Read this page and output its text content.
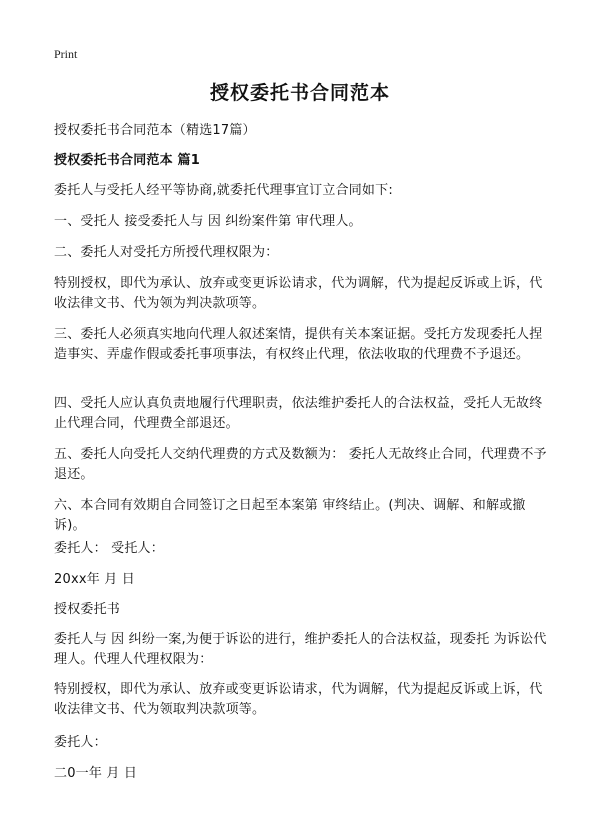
Print
授权委托书合同范本
授权委托书合同范本（精选17篇）
授权委托书合同范本 篇1
委托人与受托人经平等协商,就委托代理事宜订立合同如下:
一、受托人 接受委托人与 因 纠纷案件第 审代理人。
二、委托人对受托方所授代理权限为：
特别授权，即代为承认、放弃或变更诉讼请求，代为调解，代为提起反诉或上诉，代收法律文书、代为领为判决款项等。
三、委托人必须真实地向代理人叙述案情，提供有关本案证据。受托方发现委托人捏造事实、弄虚作假或委托事项事法，有权终止代理，依法收取的代理费不予退还。
四、受托人应认真负责地履行代理职责，依法维护委托人的合法权益，受托人无故终止代理合同，代理费全部退还。
五、委托人向受托人交纳代理费的方式及数额为： 委托人无故终止合同，代理费不予退还。
六、本合同有效期自合同签订之日起至本案第 审终结止。(判决、调解、和解或撤诉)。
委托人： 受托人：
20xx年 月 日
授权委托书
委托人与 因 纠纷一案,为便于诉讼的进行，维护委托人的合法权益，现委托 为诉讼代理人。代理人代理权限为：
特别授权，即代为承认、放弃或变更诉讼请求，代为调解，代为提起反诉或上诉，代收法律文书、代为领取判决款项等。
委托人：
二0一年 月 日
